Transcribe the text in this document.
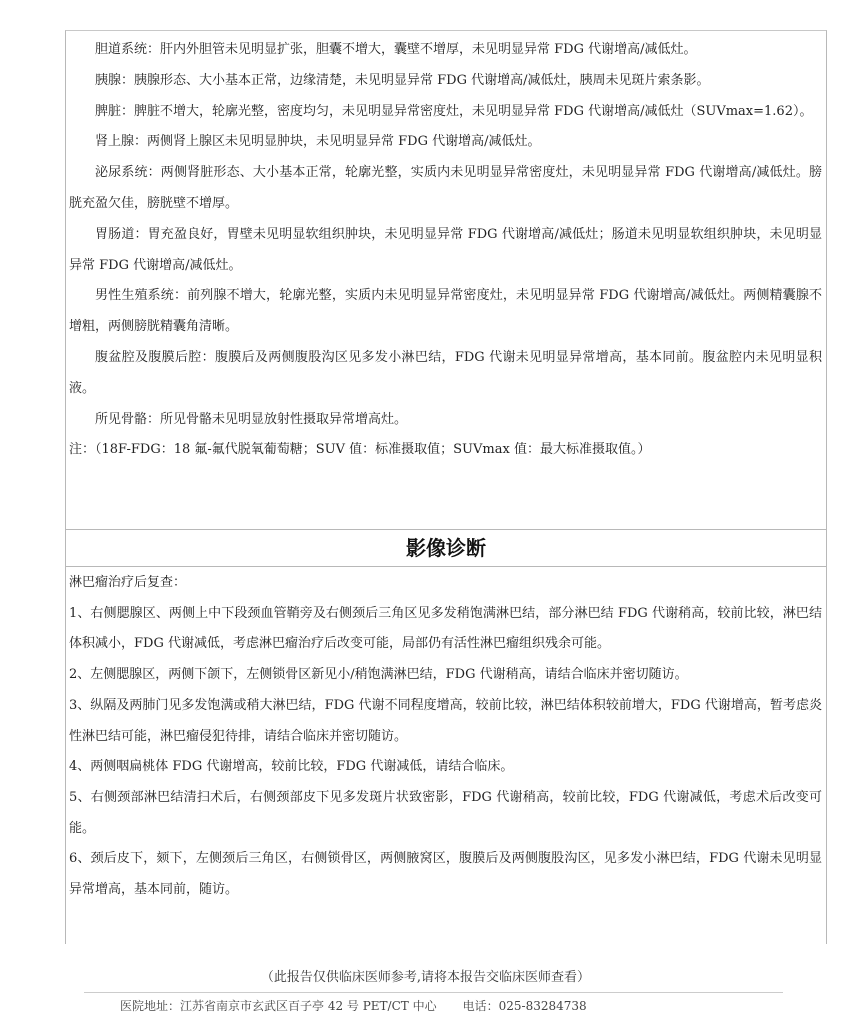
胆道系统：肝内外胆管未见明显扩张，胆囊不增大，囊壁不增厚，未见明显异常 FDG 代谢增高/减低灶。

胰腺：胰腺形态、大小基本正常，边缘清楚，未见明显异常 FDG 代谢增高/减低灶，胰周未见斑片索条影。

脾脏：脾脏不增大，轮廓光整，密度均匀，未见明显异常密度灶，未见明显异常 FDG 代谢增高/减低灶（SUVmax=1.62）。

肾上腺：两侧肾上腺区未见明显肿块，未见明显异常 FDG 代谢增高/减低灶。

泌尿系统：两侧肾脏形态、大小基本正常，轮廓光整，实质内未见明显异常密度灶，未见明显异常 FDG 代谢增高/减低灶。膀胱充盈欠佳，膀胱壁不增厚。

胃肠道：胃充盈良好，胃壁未见明显软组织肿块，未见明显异常 FDG 代谢增高/减低灶；肠道未见明显软组织肿块，未见明显异常 FDG 代谢增高/减低灶。

男性生殖系统：前列腺不增大，轮廓光整，实质内未见明显异常密度灶，未见明显异常 FDG 代谢增高/减低灶。两侧精囊腺不增粗，两侧膀胱精囊角清晰。

腹盆腔及腹膜后腔：腹膜后及两侧腹股沟区见多发小淋巴结，FDG 代谢未见明显异常增高，基本同前。腹盆腔内未见明显积液。

所见骨骼：所见骨骼未见明显放射性摄取异常增高灶。

注：（18F-FDG：18 氟-氟代脱氧葡萄糖；SUV 值：标准摄取值；SUVmax 值：最大标准摄取值。）

影像诊断

淋巴瘤治疗后复查：

1、右侧腮腺区、两侧上中下段颈血管鞘旁及右侧颈后三角区见多发稍饱满淋巴结，部分淋巴结 FDG 代谢稍高，较前比较，淋巴结体积减小，FDG 代谢减低，考虑淋巴瘤治疗后改变可能，局部仍有活性淋巴瘤组织残余可能。

2、左侧腮腺区，两侧下颌下，左侧锁骨区新见小/稍饱满淋巴结，FDG 代谢稍高，请结合临床并密切随访。

3、纵隔及两肺门见多发饱满或稍大淋巴结，FDG 代谢不同程度增高，较前比较，淋巴结体积较前增大，FDG 代谢增高，暂考虑炎性淋巴结可能，淋巴瘤侵犯待排，请结合临床并密切随访。

4、两侧咽扁桃体 FDG 代谢增高，较前比较，FDG 代谢减低，请结合临床。

5、右侧颈部淋巴结清扫术后，右侧颈部皮下见多发斑片状致密影，FDG 代谢稍高，较前比较，FDG 代谢减低，考虑术后改变可能。

6、颈后皮下，颏下，左侧颈后三角区，右侧锁骨区，两侧腋窝区，腹膜后及两侧腹股沟区，见多发小淋巴结，FDG 代谢未见明显异常增高，基本同前，随访。

（此报告仅供临床医师参考,请将本报告交临床医师查看）
医院地址：江苏省南京市玄武区百子亭 42 号 PET/CT 中心 电话：025-83284738
